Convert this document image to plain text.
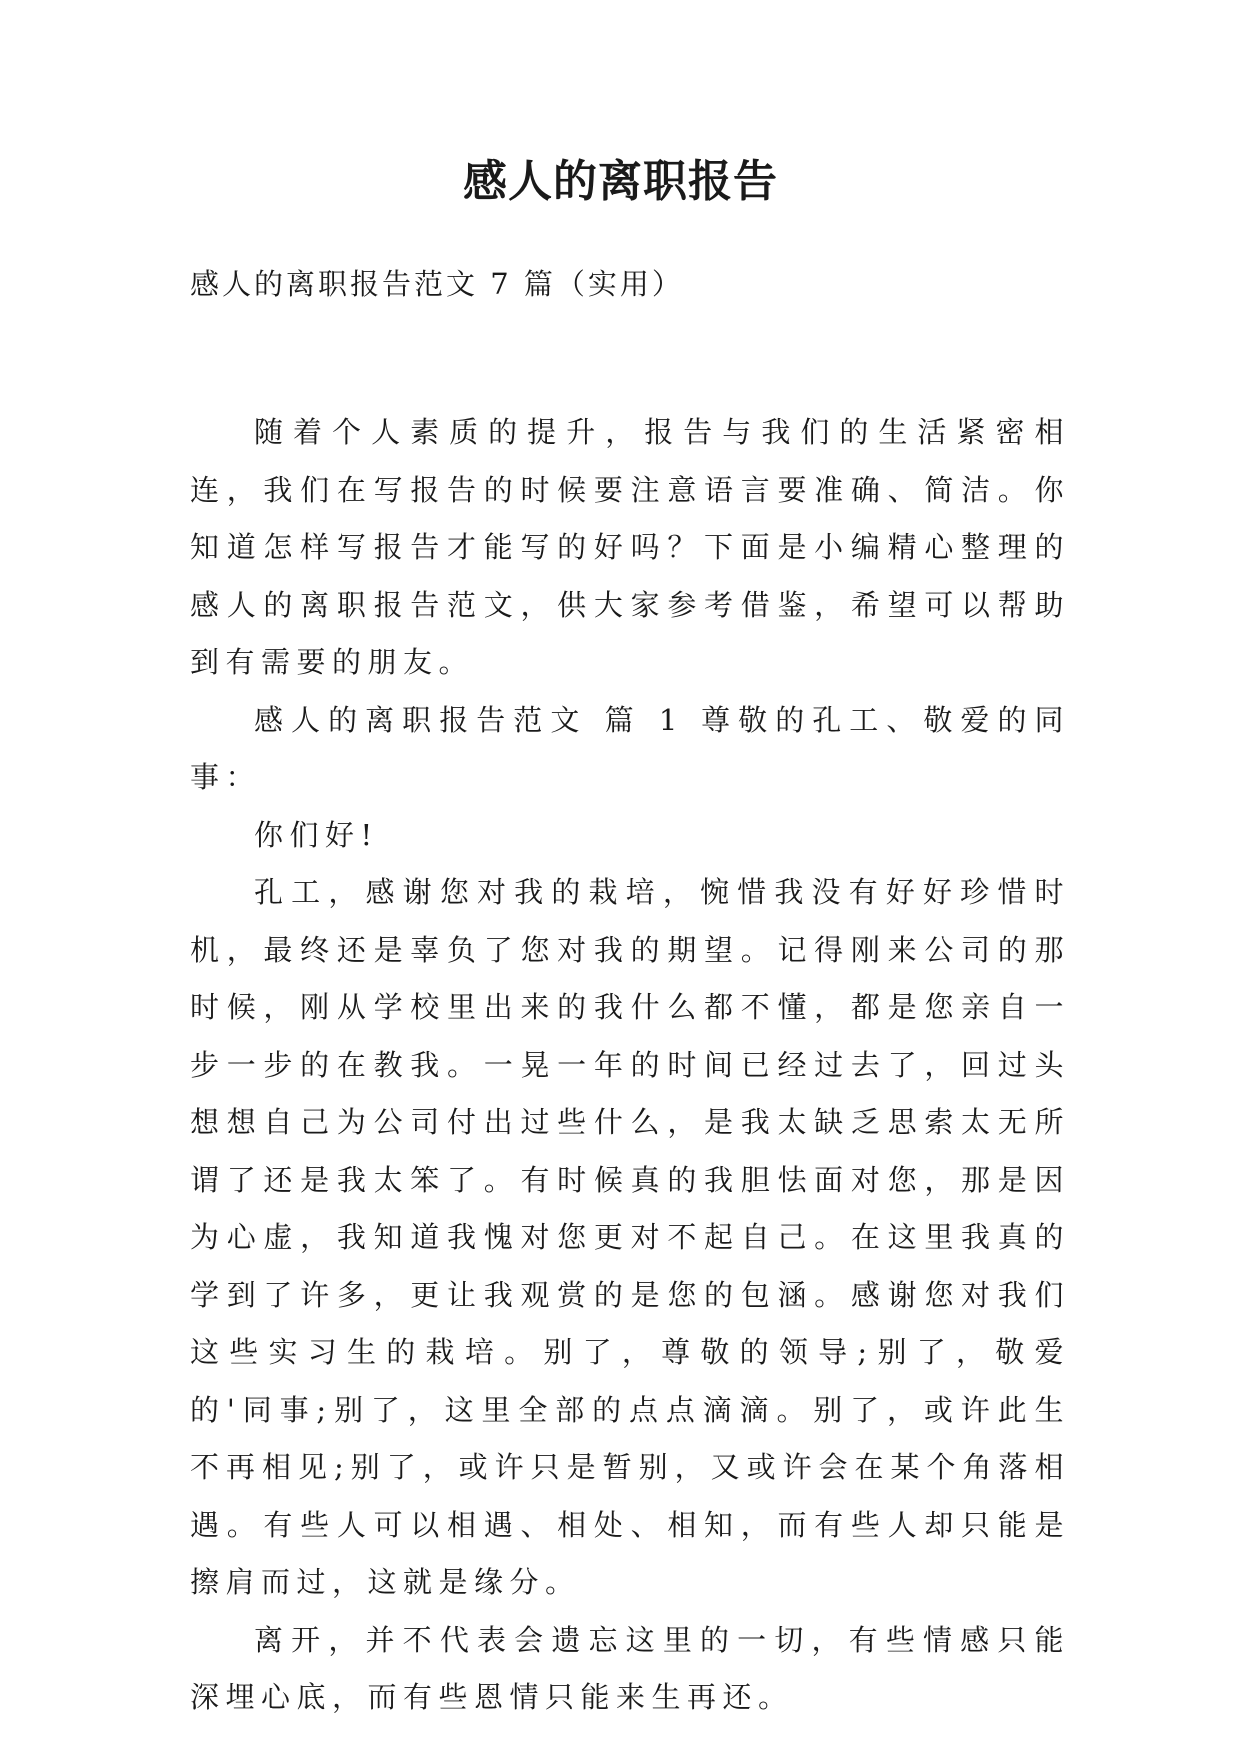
感人的离职报告
感人的离职报告范文 7 篇（实用）

随着个人素质的提升，报告与我们的生活紧密相连，我们在写报告的时候要注意语言要准确、简洁。你知道怎样写报告才能写的好吗？下面是小编精心整理的感人的离职报告范文，供大家参考借鉴，希望可以帮助到有需要的朋友。

感人的离职报告范文 篇 1 尊敬的孔工、敬爱的同事：

你们好!

孔工，感谢您对我的栽培，惋惜我没有好好珍惜时机，最终还是辜负了您对我的期望。记得刚来公司的那时候，刚从学校里出来的我什么都不懂，都是您亲自一步一步的在教我。一晃一年的时间已经过去了，回过头想想自己为公司付出过些什么，是我太缺乏思索太无所谓了还是我太笨了。有时候真的我胆怯面对您，那是因为心虚，我知道我愧对您更对不起自己。在这里我真的学到了许多，更让我观赏的是您的包涵。感谢您对我们这些实习生的栽培。别了，尊敬的领导;别了，敬爱的'同事;别了，这里全部的点点滴滴。别了，或许此生不再相见;别了，或许只是暂别，又或许会在某个角落相遇。有些人可以相遇、相处、相知，而有些人却只能是擦肩而过，这就是缘分。

离开，并不代表会遗忘这里的一切，有些情感只能深埋心底，而有些恩情只能来生再还。
